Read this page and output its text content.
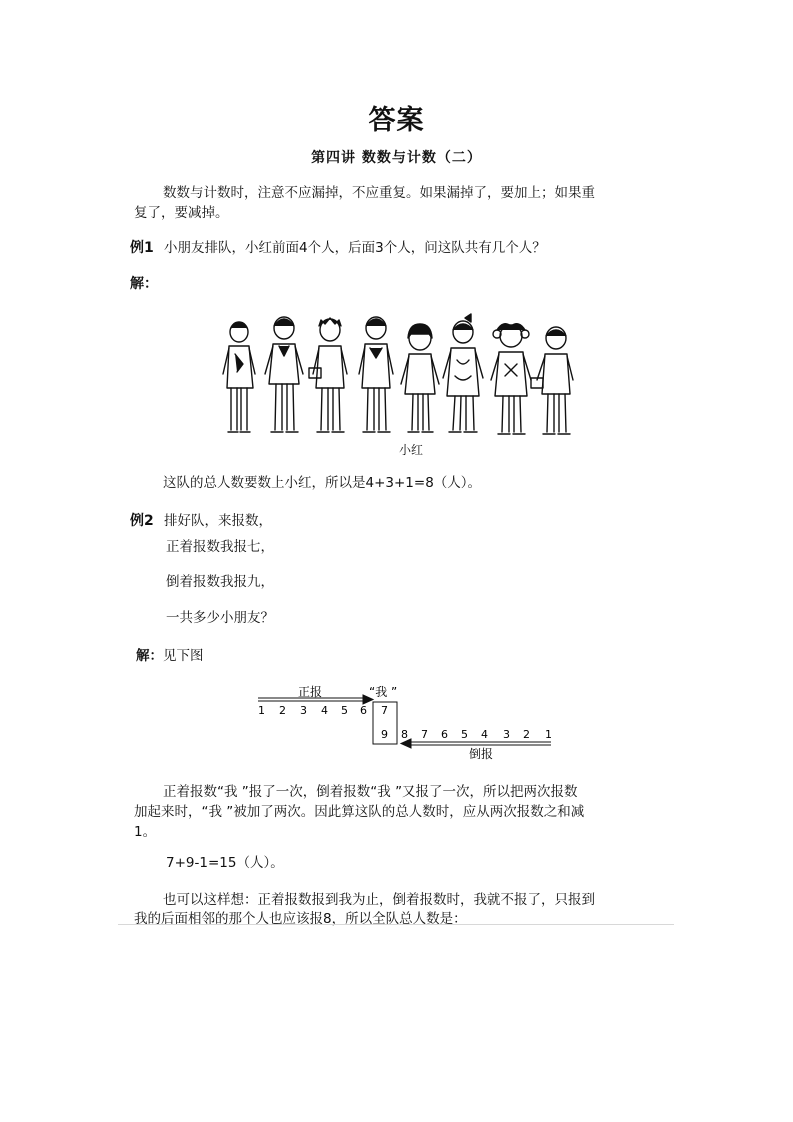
答案
第四讲 数数与计数（二）
数数与计数时，注意不应漏掉，不应重复。如果漏掉了，要加上；如果重
复了，要减掉。
例1 小朋友排队，小红前面4个人，后面3个人，问这队共有几个人？
解：
小红
这队的总人数要数上小红，所以是4+3+1=8（人）。
例2 排好队，来报数，
正着报数我报七，
倒着报数我报九，
一共多少小朋友？
解：见下图
正报	“我 ”
7
9
1 2 3 4 5 6
8 7 6 5 4 3 2 1
倒报
正着报数“我 ”报了一次，倒着报数“我 ”又报了一次，所以把两次报数
加起来时，“我 ”被加了两次。因此算这队的总人数时，应从两次报数之和减
1。
7+9-1=15（人）。
也可以这样想：正着报数报到我为止，倒着报数时，我就不报了，只报到
我的后面相邻的那个人也应该报8，所以全队总人数是：
